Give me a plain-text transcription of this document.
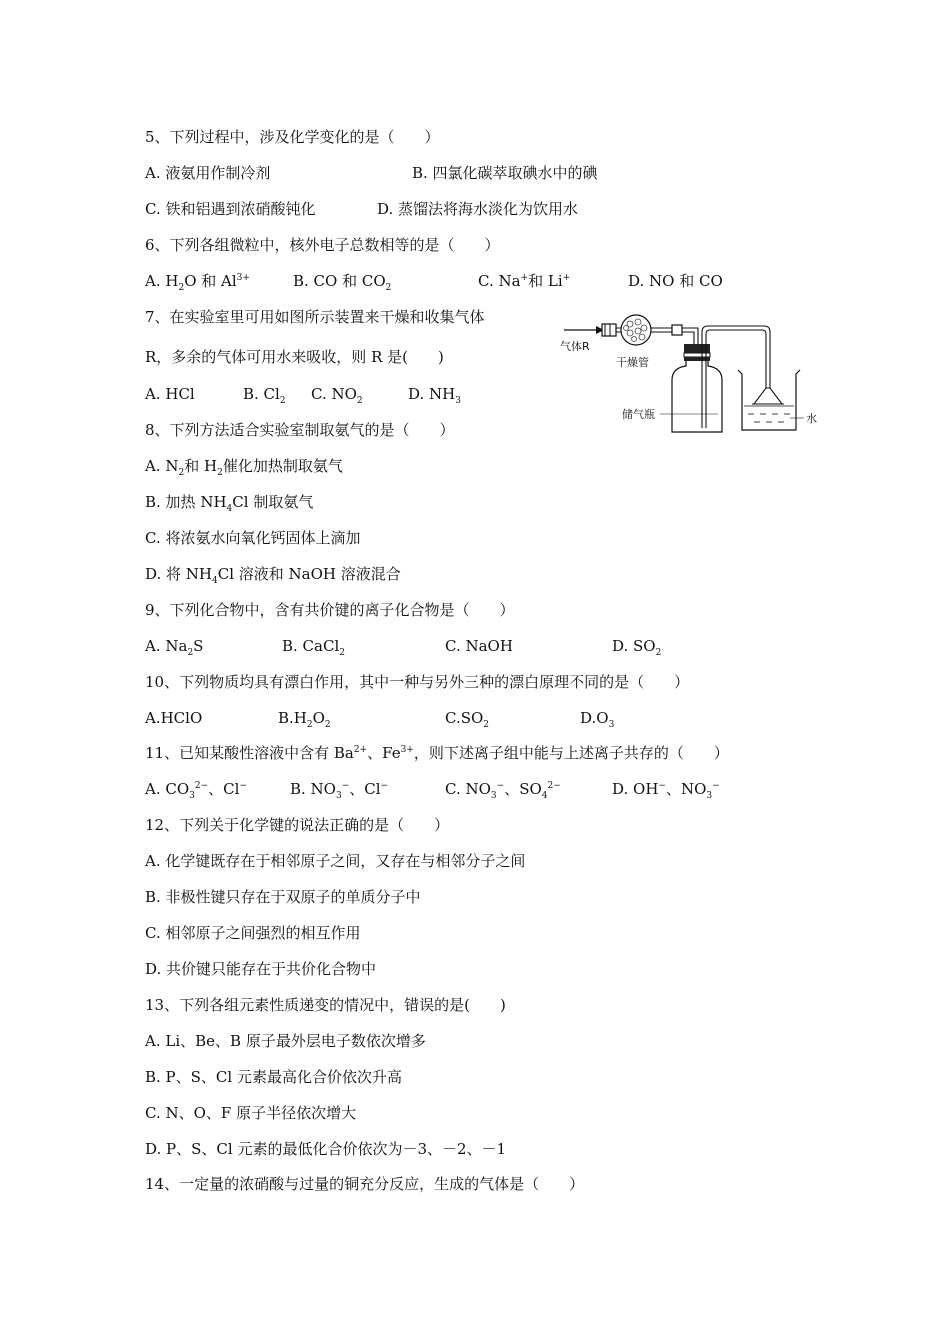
5、下列过程中，涉及化学变化的是（　　）
A. 液氨用作制冷剂	B. 四氯化碳萃取碘水中的碘
C. 铁和铝遇到浓硝酸钝化	D. 蒸馏法将海水淡化为饮用水
6、下列各组微粒中，核外电子总数相等的是（　　）
A. $H_2O$ 和 $Al^{3+}$	B. CO 和 $CO_2$	C. Na+和 Li+	D. NO 和 CO
7、在实验室里可用如图所示装置来干燥和收集气体
R，多余的气体可用水来吸收，则 R 是(　　)
A. HCl	B. $Cl_2$ C. $NO_2$	D. $NH_3$
气体R
干燥管
储气瓶	水
8、下列方法适合实验室制取氨气的是（　　）
A. $N_2$和 $H_2$催化加热制取氨气
B. 加热 $NH_4Cl$ 制取氨气
C. 将浓氨水向氧化钙固体上滴加
D. 将 $NH_4Cl$ 溶液和 NaOH 溶液混合
9、下列化合物中，含有共价键的离子化合物是（　　）
A. $Na_2S$	B. CaCl$_2$	C. NaOH	D. $SO_2$
10、下列物质均具有漂白作用，其中一种与另外三种的漂白原理不同的是（　　）
A.HClO	$B.H_2O_2$	$C.SO_2$	$D.O_3$
11、已知某酸性溶液中含有 $Ba^{2+}$、$Fe^{3+}$，则下述离子组中能与上述离子共存的（　　）
A. $CO_3^{2-}$、Cl−	B. $NO_3^-$、Cl−	C. $NO_3^-$、$SO_4^{2-}$	D. OH−、$NO_3^-$
12、下列关于化学键的说法正确的是（　　）
A. 化学键既存在于相邻原子之间，又存在与相邻分子之间
B. 非极性键只存在于双原子的单质分子中
C. 相邻原子之间强烈的相互作用
D. 共价键只能存在于共价化合物中
13、下列各组元素性质递变的情况中，错误的是(　　)
A. Li、Be、B 原子最外层电子数依次增多
B. P、S、Cl 元素最高化合价依次升高
C. N、O、F 原子半径依次增大
D. P、S、Cl 元素的最低化合价依次为－3、－2、－1
14、一定量的浓硝酸与过量的铜充分反应，生成的气体是（　　）
